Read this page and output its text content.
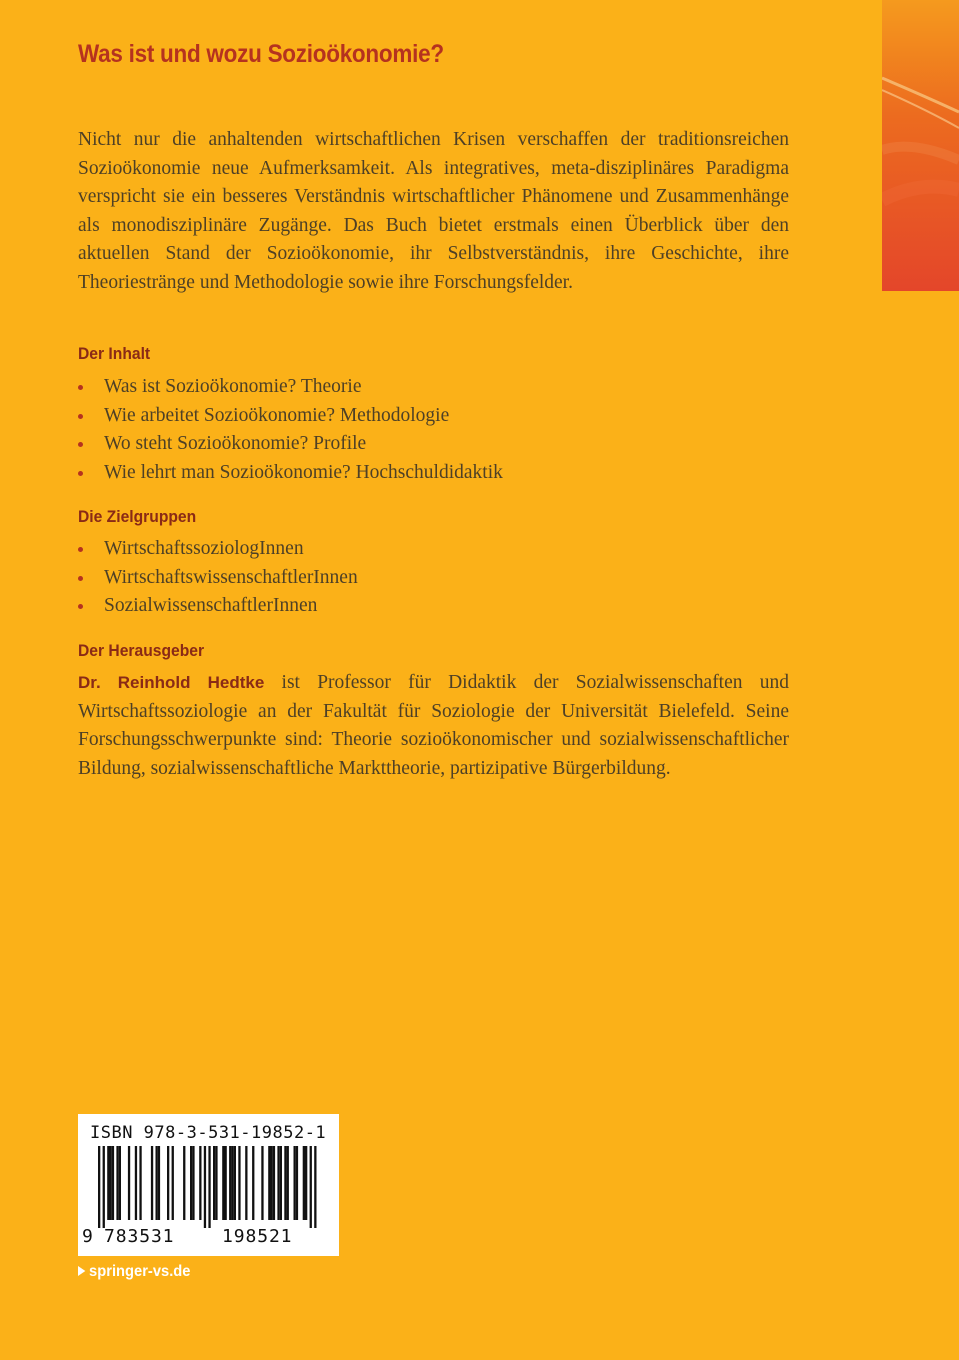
Was ist und wozu Sozioökonomie?

Nicht nur die anhaltenden wirtschaftlichen Krisen verschaffen der traditionsreichen Sozioökonomie neue Aufmerksamkeit. Als integratives, meta-disziplinäres Paradigma verspricht sie ein besseres Verständnis wirtschaftlicher Phänomene und Zusammenhänge als monodisziplinäre Zugänge. Das Buch bietet erstmals einen Überblick über den aktuellen Stand der Sozioökonomie, ihr Selbstverständnis, ihre Geschichte, ihre Theoriestränge und Methodologie sowie ihre Forschungsfelder.

Der Inhalt
Was ist Sozioökonomie? Theorie
Wie arbeitet Sozioökonomie? Methodologie
Wo steht Sozioökonomie? Profile
Wie lehrt man Sozioökonomie? Hochschuldidaktik
Die Zielgruppen
WirtschaftssoziologInnen
WirtschaftswissenschaftlerInnen
SozialwissenschaftlerInnen
Der Herausgeber

Dr. Reinhold Hedtke ist Professor für Didaktik der Sozialwissenschaften und Wirtschaftssoziologie an der Fakultät für Soziologie der Universität Bielefeld. Seine Forschungsschwerpunkte sind: Theorie sozioökonomischer und sozialwissenschaftlicher Bildung, sozialwissenschaftliche Markttheorie, partizipative Bürgerbildung.

ISBN 978-3-531-19852-1
9 783531	198521
springer-vs.de
